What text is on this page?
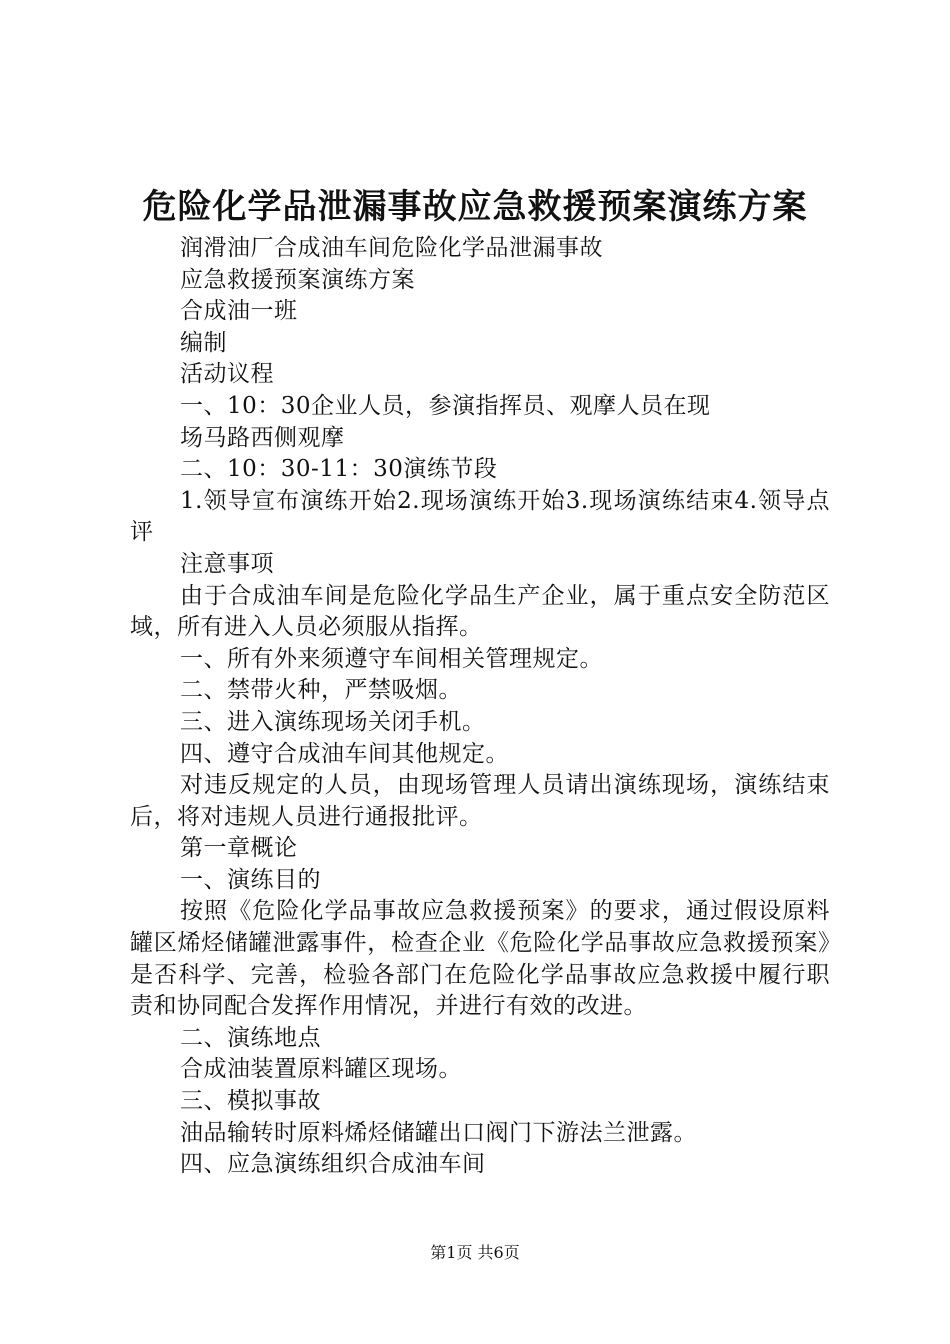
危险化学品泄漏事故应急救援预案演练方案

润滑油厂合成油车间危险化学品泄漏事故

应急救援预案演练方案

合成油一班

编制

活动议程

一、10：30企业人员，参演指挥员、观摩人员在现

场马路西侧观摩

二、10：30-11：30演练节段

1.领导宣布演练开始2.现场演练开始3.现场演练结束4.领导点评

注意事项

由于合成油车间是危险化学品生产企业，属于重点安全防范区域，所有进入人员必须服从指挥。

一、所有外来须遵守车间相关管理规定。

二、禁带火种，严禁吸烟。

三、进入演练现场关闭手机。

四、遵守合成油车间其他规定。

对违反规定的人员，由现场管理人员请出演练现场，演练结束后，将对违规人员进行通报批评。

第一章概论

一、演练目的

按照《危险化学品事故应急救援预案》的要求，通过假设原料罐区烯烃储罐泄露事件，检查企业《危险化学品事故应急救援预案》是否科学、完善，检验各部门在危险化学品事故应急救援中履行职责和协同配合发挥作用情况，并进行有效的改进。

二、演练地点

合成油装置原料罐区现场。

三、模拟事故

油品输转时原料烯烃储罐出口阀门下游法兰泄露。

四、应急演练组织合成油车间

第1页 共6页
